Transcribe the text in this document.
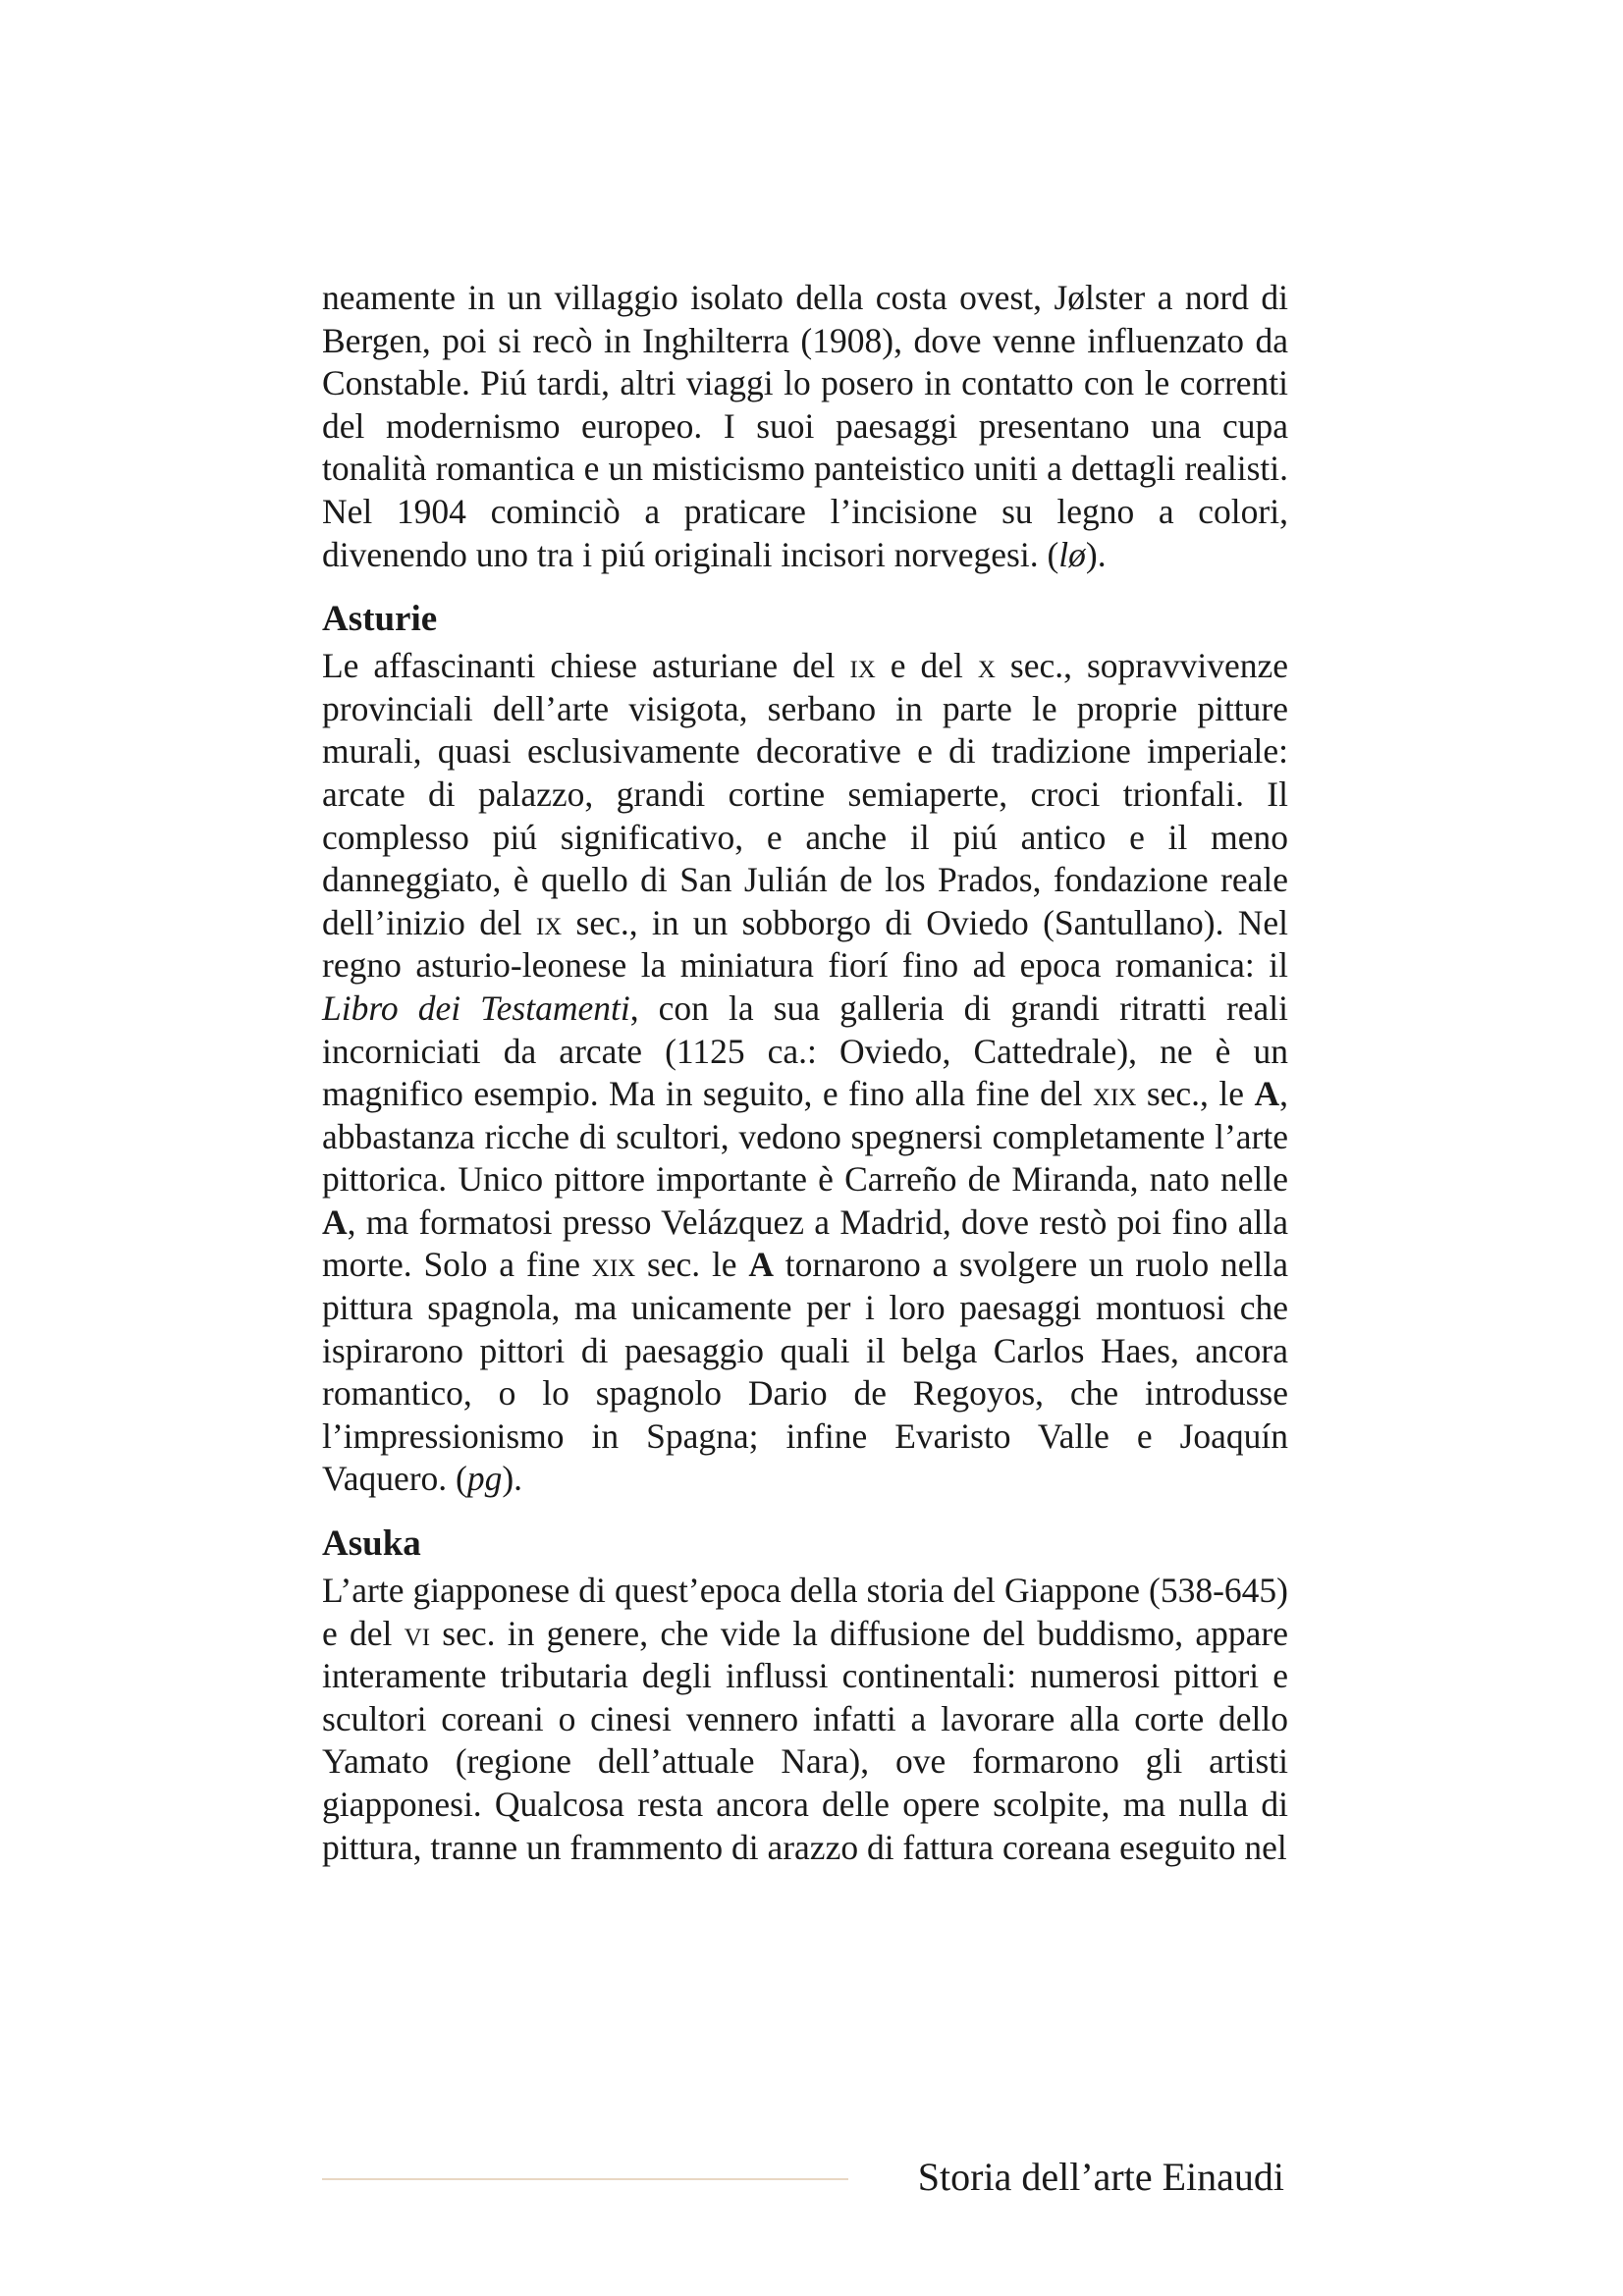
neamente in un villaggio isolato della costa ovest, Jølster a nord di Bergen, poi si recò in Inghilterra (1908), dove venne influenzato da Constable. Piú tardi, altri viaggi lo posero in contatto con le correnti del modernismo europeo. I suoi paesaggi presentano una cupa tonalità romantica e un misticismo panteistico uniti a dettagli realisti. Nel 1904 cominciò a praticare l’incisione su legno a colori, divenendo uno tra i piú originali incisori norvegesi. (lø).

Asturie

Le affascinanti chiese asturiane del ix e del x sec., sopravvivenze provinciali dell’arte visigota, serbano in parte le proprie pitture murali, quasi esclusivamente decorative e di tradizione imperiale: arcate di palazzo, grandi cortine semiaperte, croci trionfali. Il complesso piú significativo, e anche il piú antico e il meno danneggiato, è quello di San Julián de los Prados, fondazione reale dell’inizio del ix sec., in un sobborgo di Oviedo (Santullano). Nel regno asturio-leonese la miniatura fiorí fino ad epoca romanica: il Libro dei Testamenti, con la sua galleria di grandi ritratti reali incorniciati da arcate (1125 ca.: Oviedo, Cattedrale), ne è un magnifico esempio. Ma in seguito, e fino alla fine del xix sec., le A, abbastanza ricche di scultori, vedono spegnersi completamente l’arte pittorica. Unico pittore importante è Carreño de Miranda, nato nelle A, ma formatosi presso Velázquez a Madrid, dove restò poi fino alla morte. Solo a fine xix sec. le A tornarono a svolgere un ruolo nella pittura spagnola, ma unicamente per i loro paesaggi montuosi che ispirarono pittori di paesaggio quali il belga Carlos Haes, ancora romantico, o lo spagnolo Dario de Regoyos, che introdusse l’impressionismo in Spagna; infine Evaristo Valle e Joaquín Vaquero. (pg).

Asuka

L’arte giapponese di quest’epoca della storia del Giappone (538-645) e del vi sec. in genere, che vide la diffusione del buddismo, appare interamente tributaria degli influssi continentali: numerosi pittori e scultori coreani o cinesi vennero infatti a lavorare alla corte dello Yamato (regione dell’attuale Nara), ove formarono gli artisti giapponesi. Qualcosa resta ancora delle opere scolpite, ma nulla di pittura, tranne un frammento di arazzo di fattura coreana eseguito nel

Storia dell’arte Einaudi
